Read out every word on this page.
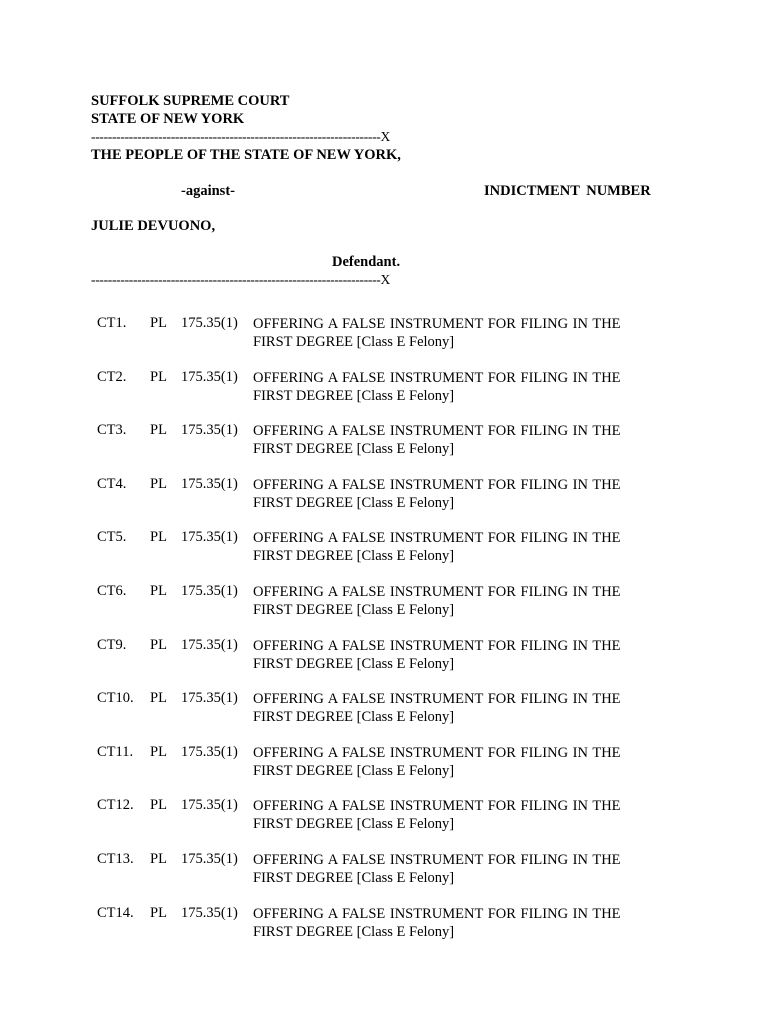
SUFFOLK SUPREME COURT
STATE OF NEW YORK
---------------------------------------------------------------------X
THE PEOPLE OF THE STATE OF NEW YORK,
-against-	INDICTMENT NUMBER
JULIE DEVUONO,
Defendant.
---------------------------------------------------------------------X
CT1. PL 175.35(1) OFFERING A FALSE INSTRUMENT FOR FILING IN THE
FIRST DEGREE [Class E Felony]
CT2. PL 175.35(1) OFFERING A FALSE INSTRUMENT FOR FILING IN THE
FIRST DEGREE [Class E Felony]
CT3. PL 175.35(1) OFFERING A FALSE INSTRUMENT FOR FILING IN THE
FIRST DEGREE [Class E Felony]
CT4. PL 175.35(1) OFFERING A FALSE INSTRUMENT FOR FILING IN THE
FIRST DEGREE [Class E Felony]
CT5. PL 175.35(1) OFFERING A FALSE INSTRUMENT FOR FILING IN THE
FIRST DEGREE [Class E Felony]
CT6. PL 175.35(1) OFFERING A FALSE INSTRUMENT FOR FILING IN THE
FIRST DEGREE [Class E Felony]
CT9. PL 175.35(1) OFFERING A FALSE INSTRUMENT FOR FILING IN THE
FIRST DEGREE [Class E Felony]
CT10. PL 175.35(1) OFFERING A FALSE INSTRUMENT FOR FILING IN THE
FIRST DEGREE [Class E Felony]
CT11. PL 175.35(1) OFFERING A FALSE INSTRUMENT FOR FILING IN THE
FIRST DEGREE [Class E Felony]
CT12. PL 175.35(1) OFFERING A FALSE INSTRUMENT FOR FILING IN THE
FIRST DEGREE [Class E Felony]
CT13. PL 175.35(1) OFFERING A FALSE INSTRUMENT FOR FILING IN THE
FIRST DEGREE [Class E Felony]
CT14. PL 175.35(1) OFFERING A FALSE INSTRUMENT FOR FILING IN THE
FIRST DEGREE [Class E Felony]
